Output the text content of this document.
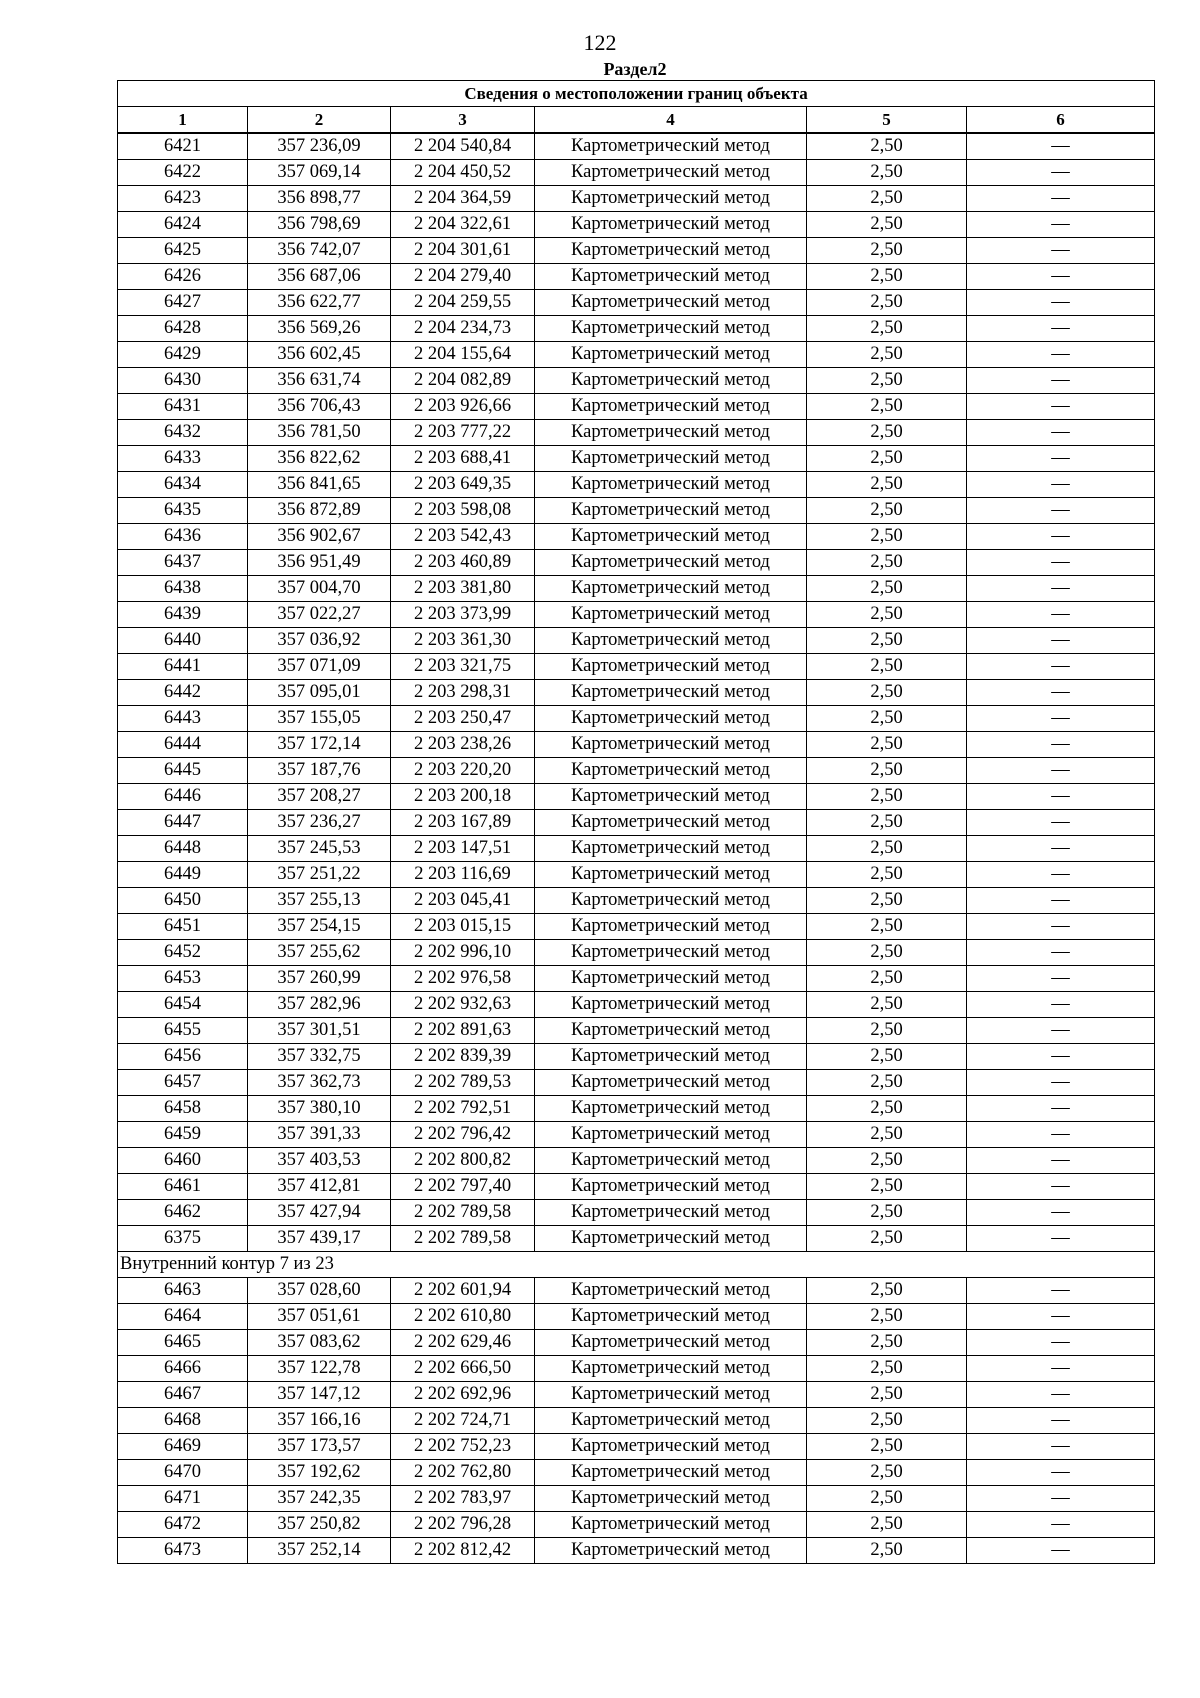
122
Раздел2
Сведения о местоположении границ объекта					
1	2	3	4	5	6
6421	357 236,09	2 204 540,84	Картометрический метод	2,50	—
6422	357 069,14	2 204 450,52	Картометрический метод	2,50	—
6423	356 898,77	2 204 364,59	Картометрический метод	2,50	—
6424	356 798,69	2 204 322,61	Картометрический метод	2,50	—
6425	356 742,07	2 204 301,61	Картометрический метод	2,50	—
6426	356 687,06	2 204 279,40	Картометрический метод	2,50	—
6427	356 622,77	2 204 259,55	Картометрический метод	2,50	—
6428	356 569,26	2 204 234,73	Картометрический метод	2,50	—
6429	356 602,45	2 204 155,64	Картометрический метод	2,50	—
6430	356 631,74	2 204 082,89	Картометрический метод	2,50	—
6431	356 706,43	2 203 926,66	Картометрический метод	2,50	—
6432	356 781,50	2 203 777,22	Картометрический метод	2,50	—
6433	356 822,62	2 203 688,41	Картометрический метод	2,50	—
6434	356 841,65	2 203 649,35	Картометрический метод	2,50	—
6435	356 872,89	2 203 598,08	Картометрический метод	2,50	—
6436	356 902,67	2 203 542,43	Картометрический метод	2,50	—
6437	356 951,49	2 203 460,89	Картометрический метод	2,50	—
6438	357 004,70	2 203 381,80	Картометрический метод	2,50	—
6439	357 022,27	2 203 373,99	Картометрический метод	2,50	—
6440	357 036,92	2 203 361,30	Картометрический метод	2,50	—
6441	357 071,09	2 203 321,75	Картометрический метод	2,50	—
6442	357 095,01	2 203 298,31	Картометрический метод	2,50	—
6443	357 155,05	2 203 250,47	Картометрический метод	2,50	—
6444	357 172,14	2 203 238,26	Картометрический метод	2,50	—
6445	357 187,76	2 203 220,20	Картометрический метод	2,50	—
6446	357 208,27	2 203 200,18	Картометрический метод	2,50	—
6447	357 236,27	2 203 167,89	Картометрический метод	2,50	—
6448	357 245,53	2 203 147,51	Картометрический метод	2,50	—
6449	357 251,22	2 203 116,69	Картометрический метод	2,50	—
6450	357 255,13	2 203 045,41	Картометрический метод	2,50	—
6451	357 254,15	2 203 015,15	Картометрический метод	2,50	—
6452	357 255,62	2 202 996,10	Картометрический метод	2,50	—
6453	357 260,99	2 202 976,58	Картометрический метод	2,50	—
6454	357 282,96	2 202 932,63	Картометрический метод	2,50	—
6455	357 301,51	2 202 891,63	Картометрический метод	2,50	—
6456	357 332,75	2 202 839,39	Картометрический метод	2,50	—
6457	357 362,73	2 202 789,53	Картометрический метод	2,50	—
6458	357 380,10	2 202 792,51	Картометрический метод	2,50	—
6459	357 391,33	2 202 796,42	Картометрический метод	2,50	—
6460	357 403,53	2 202 800,82	Картометрический метод	2,50	—
6461	357 412,81	2 202 797,40	Картометрический метод	2,50	—
6462	357 427,94	2 202 789,58	Картометрический метод	2,50	—
6375	357 439,17	2 202 789,58	Картометрический метод	2,50	—
Внутренний контур 7 из 23					
6463	357 028,60	2 202 601,94	Картометрический метод	2,50	—
6464	357 051,61	2 202 610,80	Картометрический метод	2,50	—
6465	357 083,62	2 202 629,46	Картометрический метод	2,50	—
6466	357 122,78	2 202 666,50	Картометрический метод	2,50	—
6467	357 147,12	2 202 692,96	Картометрический метод	2,50	—
6468	357 166,16	2 202 724,71	Картометрический метод	2,50	—
6469	357 173,57	2 202 752,23	Картометрический метод	2,50	—
6470	357 192,62	2 202 762,80	Картометрический метод	2,50	—
6471	357 242,35	2 202 783,97	Картометрический метод	2,50	—
6472	357 250,82	2 202 796,28	Картометрический метод	2,50	—
6473	357 252,14	2 202 812,42	Картометрический метод	2,50	—
